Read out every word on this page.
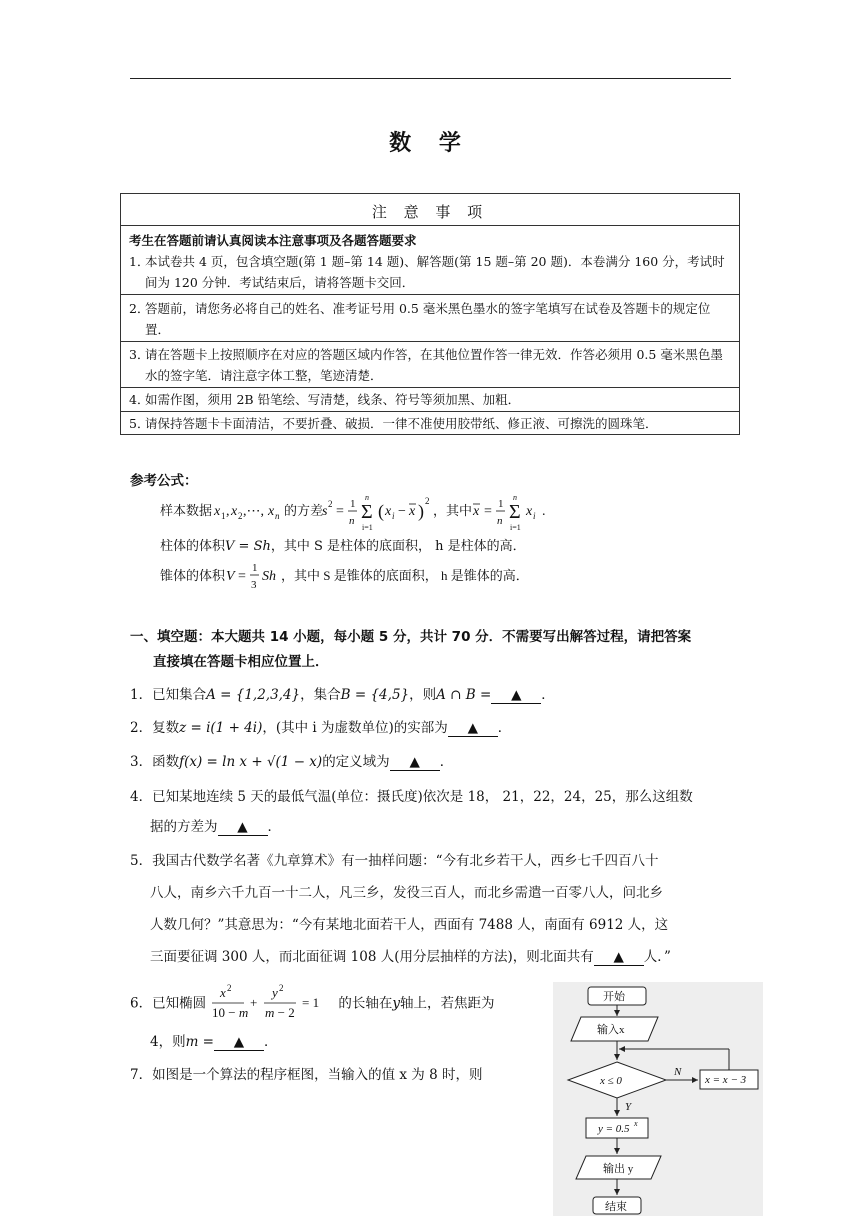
数 学
注 意 事 项
考生在答题前请认真阅读本注意事项及各题答题要求
1．
本试卷共 4 页，包含填空题(第 1 题–第 14 题)、解答题(第 15 题–第 20 题)．本卷满分 160 分，考试时间为 120 分钟．考试结束后，请将答题卡交回．
2．
答题前，请您务必将自己的姓名、准考证号用 0.5 毫米黑色墨水的签字笔填写在试卷及答题卡的规定位置．
3．
请在答题卡上按照顺序在对应的答题区域内作答，在其他位置作答一律无效．作答必须用 0.5 毫米黑色墨水的签字笔．请注意字体工整，笔迹清楚．
4．
如需作图，须用 2B 铅笔绘、写清楚，线条、符号等须加黑、加粗．
5．
请保持答题卡卡面清洁，不要折叠、破损．一律不准使用胶带纸、修正液、可擦洗的圆珠笔．
参考公式：
样本数据 x 1 , x 2 ,⋯, x n 的方差
s 2 = 1
n Σ
n
i=1
( x i − x ) 2
，其中 x = 1
n Σ
n
i=1
x i .
柱体的体积V = Sh，其中 S 是柱体的底面积， h 是柱体的高．
锥体的体积 V =
1
3
Sh ，其中 S 是锥体的底面积， h 是锥体的高．
一、填空题：本大题共 14 小题，每小题 5 分，共计 70 分．不需要写出解答过程，请把答案
直接填在答题卡相应位置上．
1．已知集合A = {1,2,3,4}，集合B = {4,5}，则A ∩ B = ▲ ．
2．复数z = i(1 + 4i)，(其中 i 为虚数单位)的实部为 ▲ ．
3．函数f(x) = ln x + √(1 − x)的定义域为 ▲ ．
4．已知某地连续 5 天的最低气温(单位：摄氏度)依次是 18， 21，22，24，25，那么这组数
据的方差为 ▲ ．
5．我国古代数学名著《九章算术》有一抽样问题：“今有北乡若干人，西乡七千四百八十
八人，南乡六千九百一十二人，凡三乡，发役三百人，而北乡需遣一百零八人，问北乡
人数几何？”其意思为：“今有某地北面若干人，西面有 7488 人，南面有 6912 人，这
三面要征调 300 人，而北面征调 108 人(用分层抽样的方法)，则北面共有 ▲ 人．”
6．已知椭圆
x 2
10 − m
+
y 2
m − 2
= 1 的长轴在y轴上，若焦距为
4，则m = ▲ ．
7．如图是一个算法的程序框图，当输入的值 x 为 8 时，则
开始
输入x
x ≤ 0
N
x = x − 3
Y
y = 0.5 x
输出 y
结束
